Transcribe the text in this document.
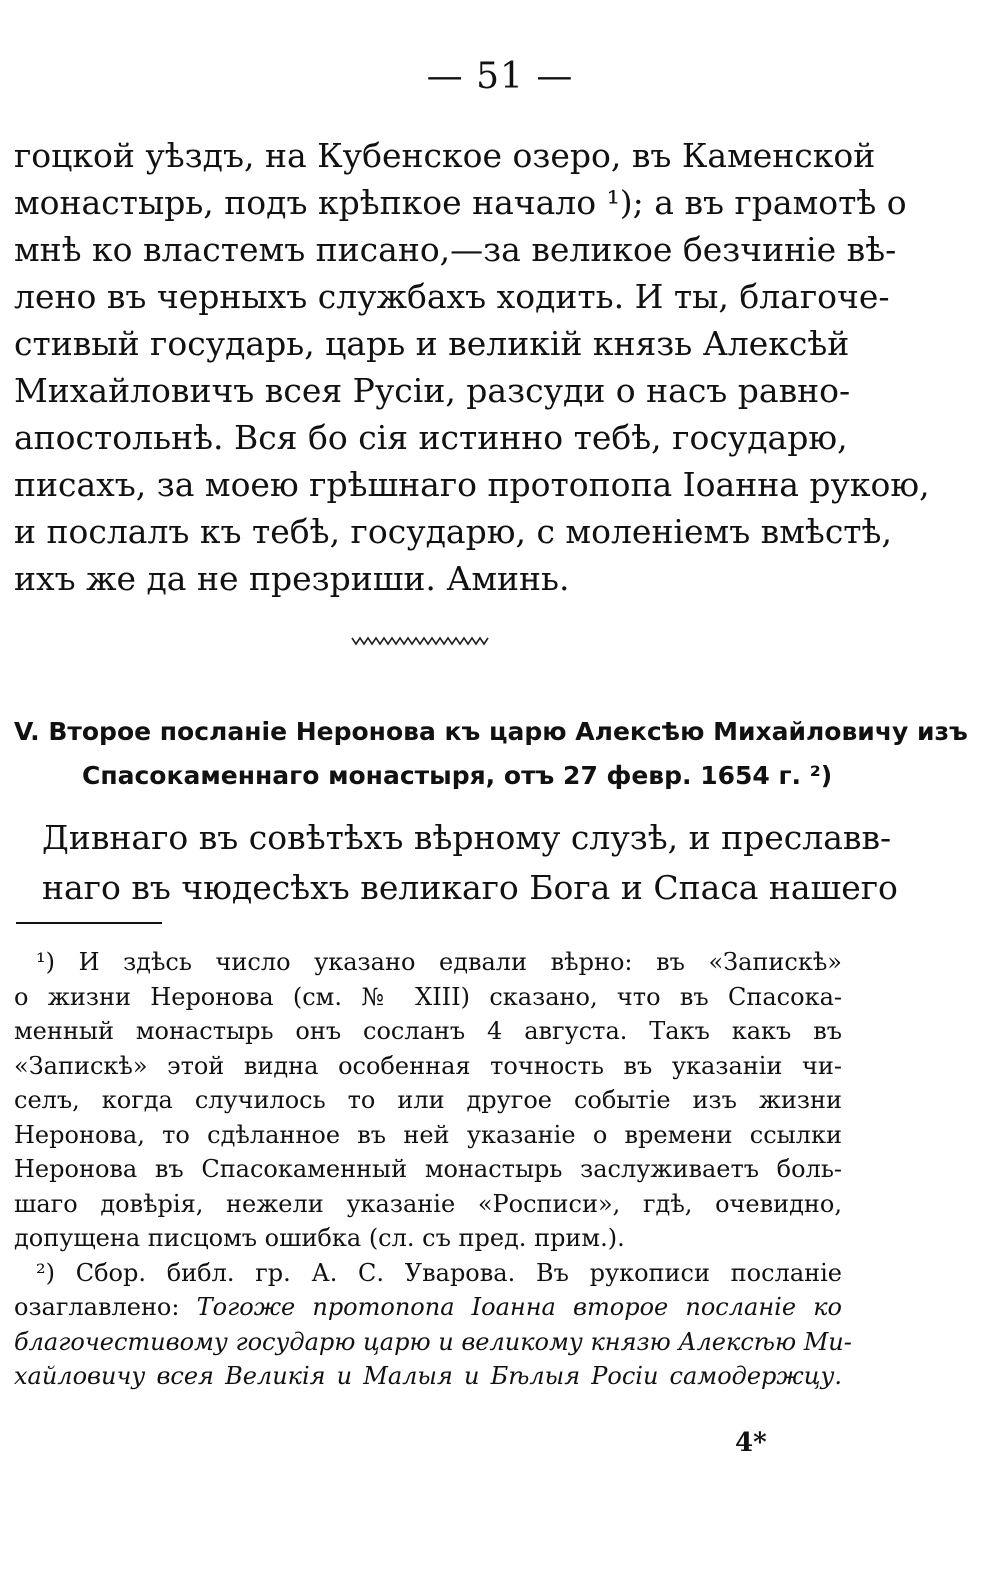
— 51 —
гоцкой уѣздъ, на Кубенское озеро, въ Каменской
монастырь, подъ крѣпкое начало ¹); а въ грамотѣ о
мнѣ ко властемъ писано,—за великое безчиніе вѣ-
лено въ черныхъ службахъ ходить. И ты, благоче-
стивый государь, царь и великій князь Алексѣй
Михайловичъ всея Русіи, разсуди о насъ равно-
апостольнѣ. Вся бо сія истинно тебѣ, государю,
писахъ, за моею грѣшнаго протопопа Іоанна рукою,
и послалъ къ тебѣ, государю, с моленіемъ вмѣстѣ,
ихъ же да не презриши. Аминь.
V. Второе посланіе Неронова къ царю Алексѣю Михайловичу изъ
Спасокаменнаго монастыря, отъ 27 февр. 1654 г. ²)
Дивнаго въ совѣтѣхъ вѣрному слузѣ, и преславв-
наго въ чюдесѣхъ великаго Бога и Спаса нашего
¹) И здѣсь число указано едвали вѣрно: въ «Запискѣ»
о жизни Неронова (см. № XIII) сказано, что въ Спасока-
менный монастырь онъ сосланъ 4 августа. Такъ какъ въ
«Запискѣ» этой видна особенная точность въ указаніи чи-
селъ, когда случилось то или другое событіе изъ жизни
Неронова, то сдѣланное въ ней указаніе о времени ссылки
Неронова въ Спасокаменный монастырь заслуживаетъ боль-
шаго довѣрія, нежели указаніе «Росписи», гдѣ, очевидно,
допущена писцомъ ошибка (сл. съ пред. прим.).
²) Сбор. библ. гр. А. С. Уварова. Въ рукописи посланіе
озаглавлено: Тогожe протопопа Іоанна второе посланіе ко
благочестивому государю царю и великому князю Алексѣю Ми-
хайловичу всея Великія и Малыя и Бѣлыя Росіи самодержцу.
4*
